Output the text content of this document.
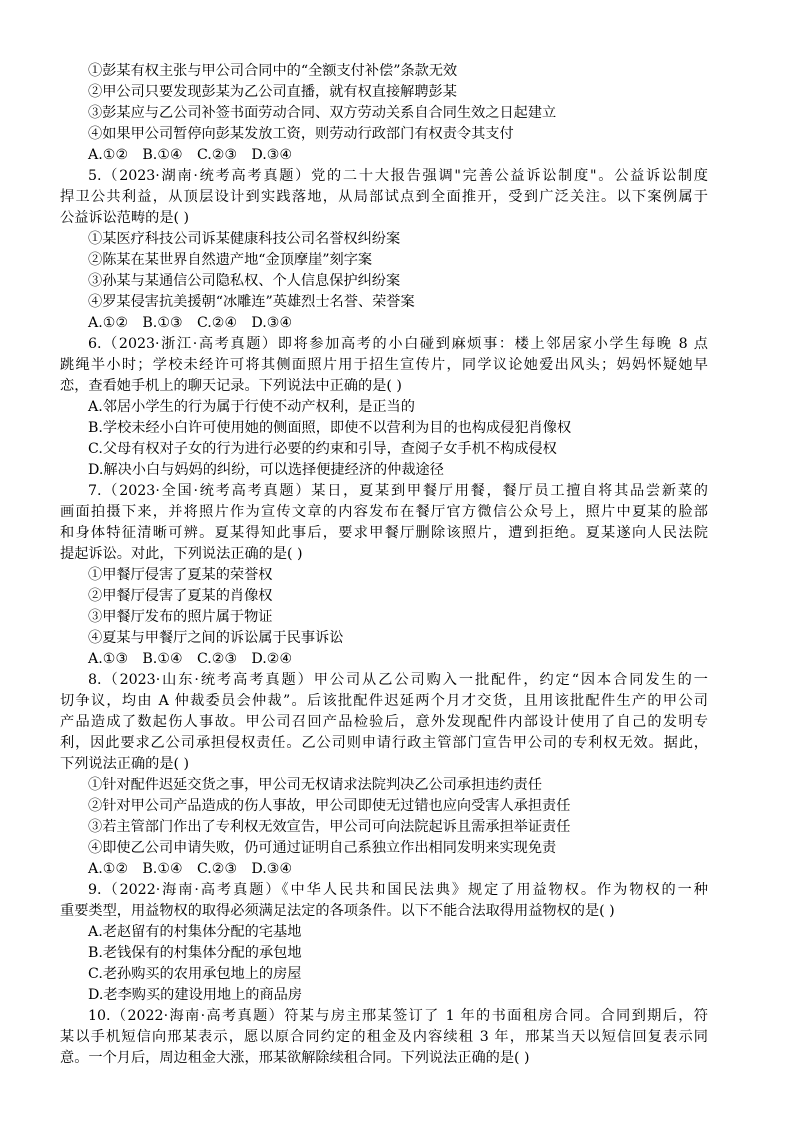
①彭某有权主张与甲公司合同中的“全额支付补偿”条款无效
②甲公司只要发现彭某为乙公司直播，就有权直接解聘彭某
③彭某应与乙公司补签书面劳动合同、双方劳动关系自合同生效之日起建立
④如果甲公司暂停向彭某发放工资，则劳动行政部门有权责令其支付
A.①②　B.①④　C.②③　D.③④
5.（2023·湖南·统考高考真题）党的二十大报告强调"完善公益诉讼制度"。公益诉讼制度
捍卫公共利益，从顶层设计到实践落地，从局部试点到全面推开，受到广泛关注。以下案例属于
公益诉讼范畴的是( )
①某医疗科技公司诉某健康科技公司名誉权纠纷案
②陈某在某世界自然遗产地“金顶摩崖”刻字案
③孙某与某通信公司隐私权、个人信息保护纠纷案
④罗某侵害抗美援朝“冰雕连”英雄烈士名誉、荣誉案
A.①②　B.①③　C.②④　D.③④
6.（2023·浙江·高考真题）即将参加高考的小白碰到麻烦事：楼上邻居家小学生每晚 8 点
跳绳半小时；学校未经许可将其侧面照片用于招生宣传片，同学议论她爱出风头；妈妈怀疑她早
恋，查看她手机上的聊天记录。下列说法中正确的是( )
A.邻居小学生的行为属于行使不动产权利，是正当的
B.学校未经小白许可使用她的侧面照，即使不以营利为目的也构成侵犯肖像权
C.父母有权对子女的行为进行必要的约束和引导，查阅子女手机不构成侵权
D.解决小白与妈妈的纠纷，可以选择便捷经济的仲裁途径
7.（2023·全国·统考高考真题）某日，夏某到甲餐厅用餐，餐厅员工擅自将其品尝新菜的
画面拍摄下来，并将照片作为宣传文章的内容发布在餐厅官方微信公众号上，照片中夏某的脸部
和身体特征清晰可辨。夏某得知此事后，要求甲餐厅删除该照片，遭到拒绝。夏某遂向人民法院
提起诉讼。对此，下列说法正确的是( )
①甲餐厅侵害了夏某的荣誉权
②甲餐厅侵害了夏某的肖像权
③甲餐厅发布的照片属于物证
④夏某与甲餐厅之间的诉讼属于民事诉讼
A.①③　B.①④　C.②③　D.②④
8.（2023·山东·统考高考真题）甲公司从乙公司购入一批配件，约定“因本合同发生的一
切争议，均由 A 仲裁委员会仲裁”。后该批配件迟延两个月才交货，且用该批配件生产的甲公司
产品造成了数起伤人事故。甲公司召回产品检验后，意外发现配件内部设计使用了自己的发明专
利，因此要求乙公司承担侵权责任。乙公司则申请行政主管部门宣告甲公司的专利权无效。据此，
下列说法正确的是( )
①针对配件迟延交货之事，甲公司无权请求法院判决乙公司承担违约责任
②针对甲公司产品造成的伤人事故，甲公司即使无过错也应向受害人承担责任
③若主管部门作出了专利权无效宣告，甲公司可向法院起诉且需承担举证责任
④即使乙公司申请失败，仍可通过证明自己系独立作出相同发明来实现免责
A.①②　B.①④　C.②③　D.③④
9.（2022·海南·高考真题）《中华人民共和国民法典》规定了用益物权。作为物权的一种
重要类型，用益物权的取得必须满足法定的各项条件。以下不能合法取得用益物权的是( )
A.老赵留有的村集体分配的宅基地
B.老钱保有的村集体分配的承包地
C.老孙购买的农用承包地上的房屋
D.老李购买的建设用地上的商品房
10.（2022·海南·高考真题）符某与房主邢某签订了 1 年的书面租房合同。合同到期后，符
某以手机短信向邢某表示，愿以原合同约定的租金及内容续租 3 年，邢某当天以短信回复表示同
意。一个月后，周边租金大涨，邢某欲解除续租合同。下列说法正确的是( )
